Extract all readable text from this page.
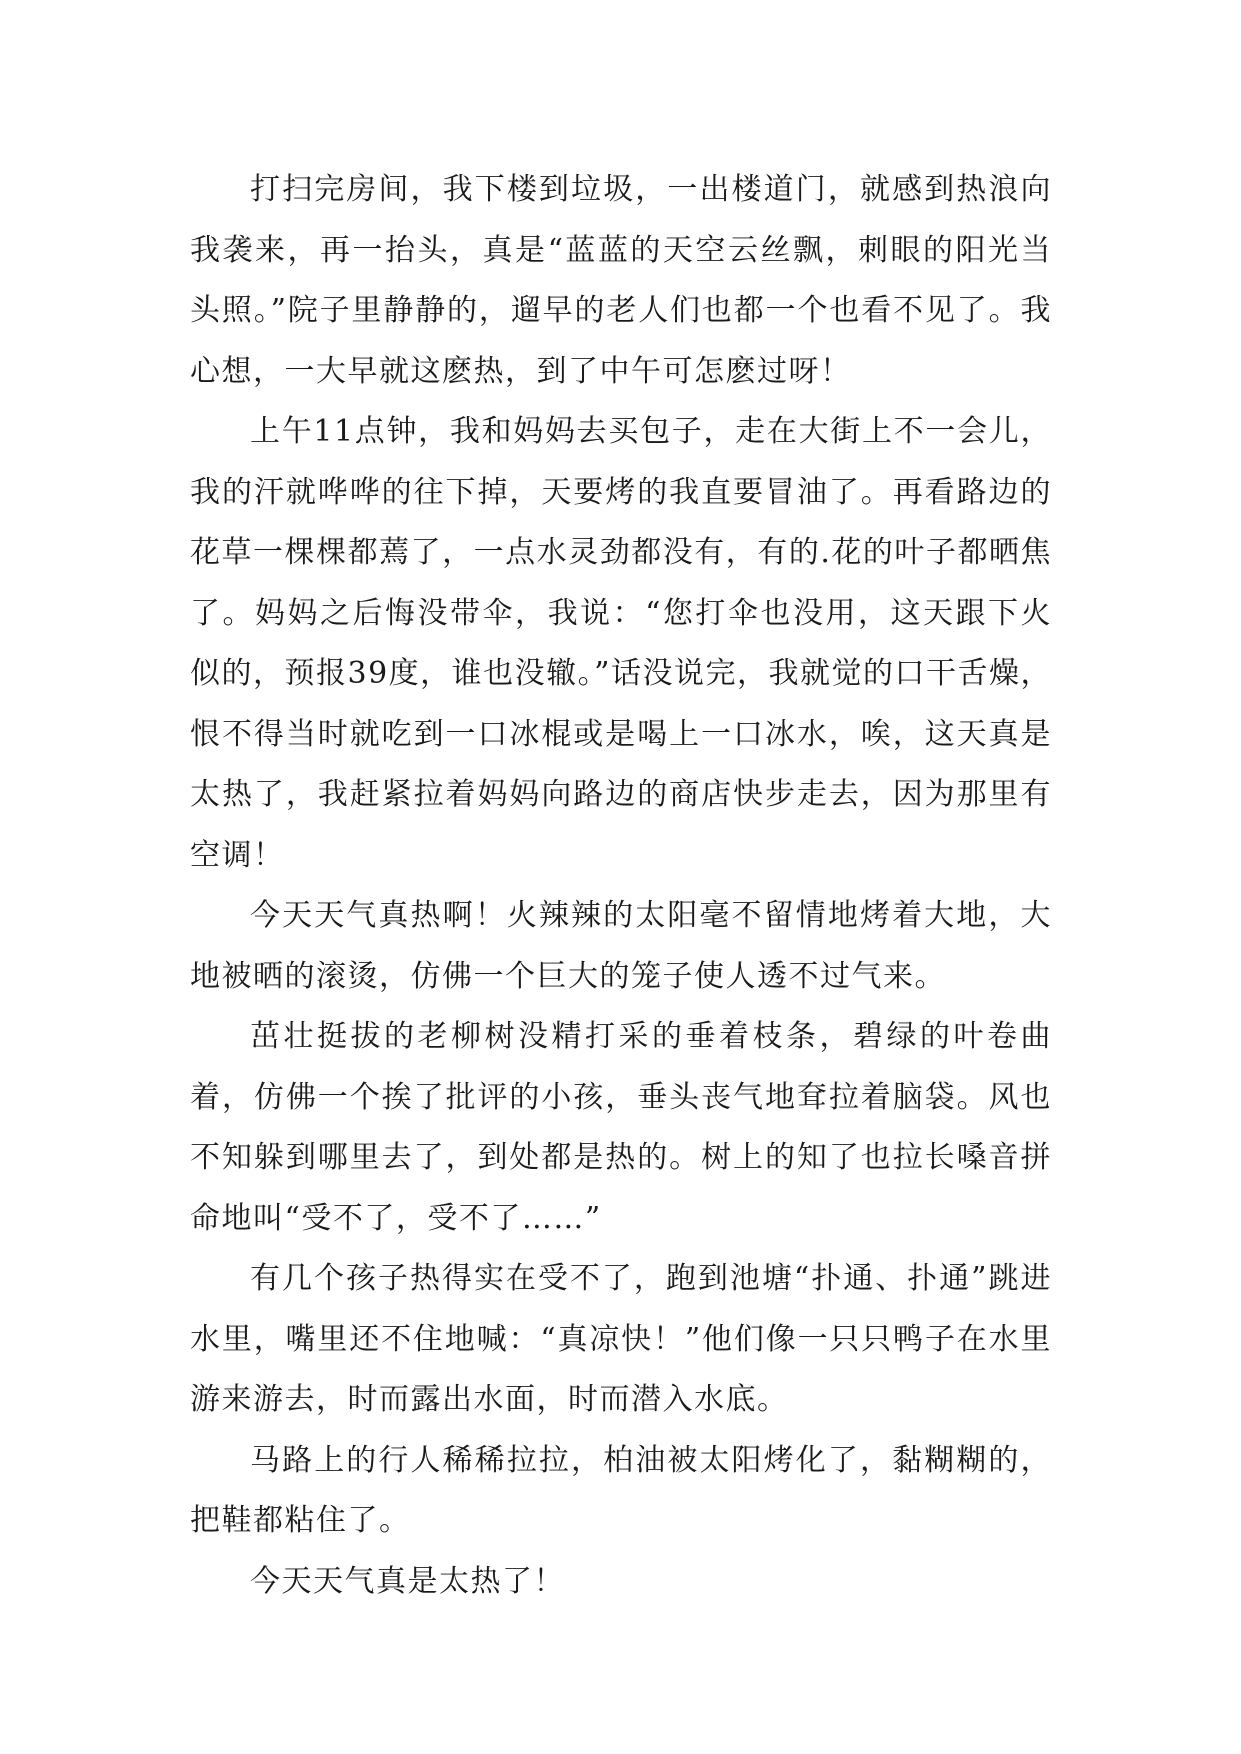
打扫完房间，我下楼到垃圾，一出楼道门，就感到热浪向我袭来，再一抬头，真是“蓝蓝的天空云丝飘，刺眼的阳光当头照。”院子里静静的，遛早的老人们也都一个也看不见了。我心想，一大早就这麽热，到了中午可怎麽过呀！

上午11点钟，我和妈妈去买包子，走在大街上不一会儿，我的汗就哗哗的往下掉，天要烤的我直要冒油了。再看路边的花草一棵棵都蔫了，一点水灵劲都没有，有的.花的叶子都晒焦了。妈妈之后悔没带伞，我说：“您打伞也没用，这天跟下火似的，预报39度，谁也没辙。”话没说完，我就觉的口干舌燥，恨不得当时就吃到一口冰棍或是喝上一口冰水，唉，这天真是太热了，我赶紧拉着妈妈向路边的商店快步走去，因为那里有空调！

今天天气真热啊！火辣辣的太阳毫不留情地烤着大地，大地被晒的滚烫，仿佛一个巨大的笼子使人透不过气来。

茁壮挺拔的老柳树没精打采的垂着枝条，碧绿的叶卷曲着，仿佛一个挨了批评的小孩，垂头丧气地耷拉着脑袋。风也不知躲到哪里去了，到处都是热的。树上的知了也拉长嗓音拼命地叫“受不了，受不了……”

有几个孩子热得实在受不了，跑到池塘“扑通、扑通”跳进水里，嘴里还不住地喊：“真凉快！”他们像一只只鸭子在水里游来游去，时而露出水面，时而潜入水底。

马路上的行人稀稀拉拉，柏油被太阳烤化了，黏糊糊的，把鞋都粘住了。

今天天气真是太热了！
